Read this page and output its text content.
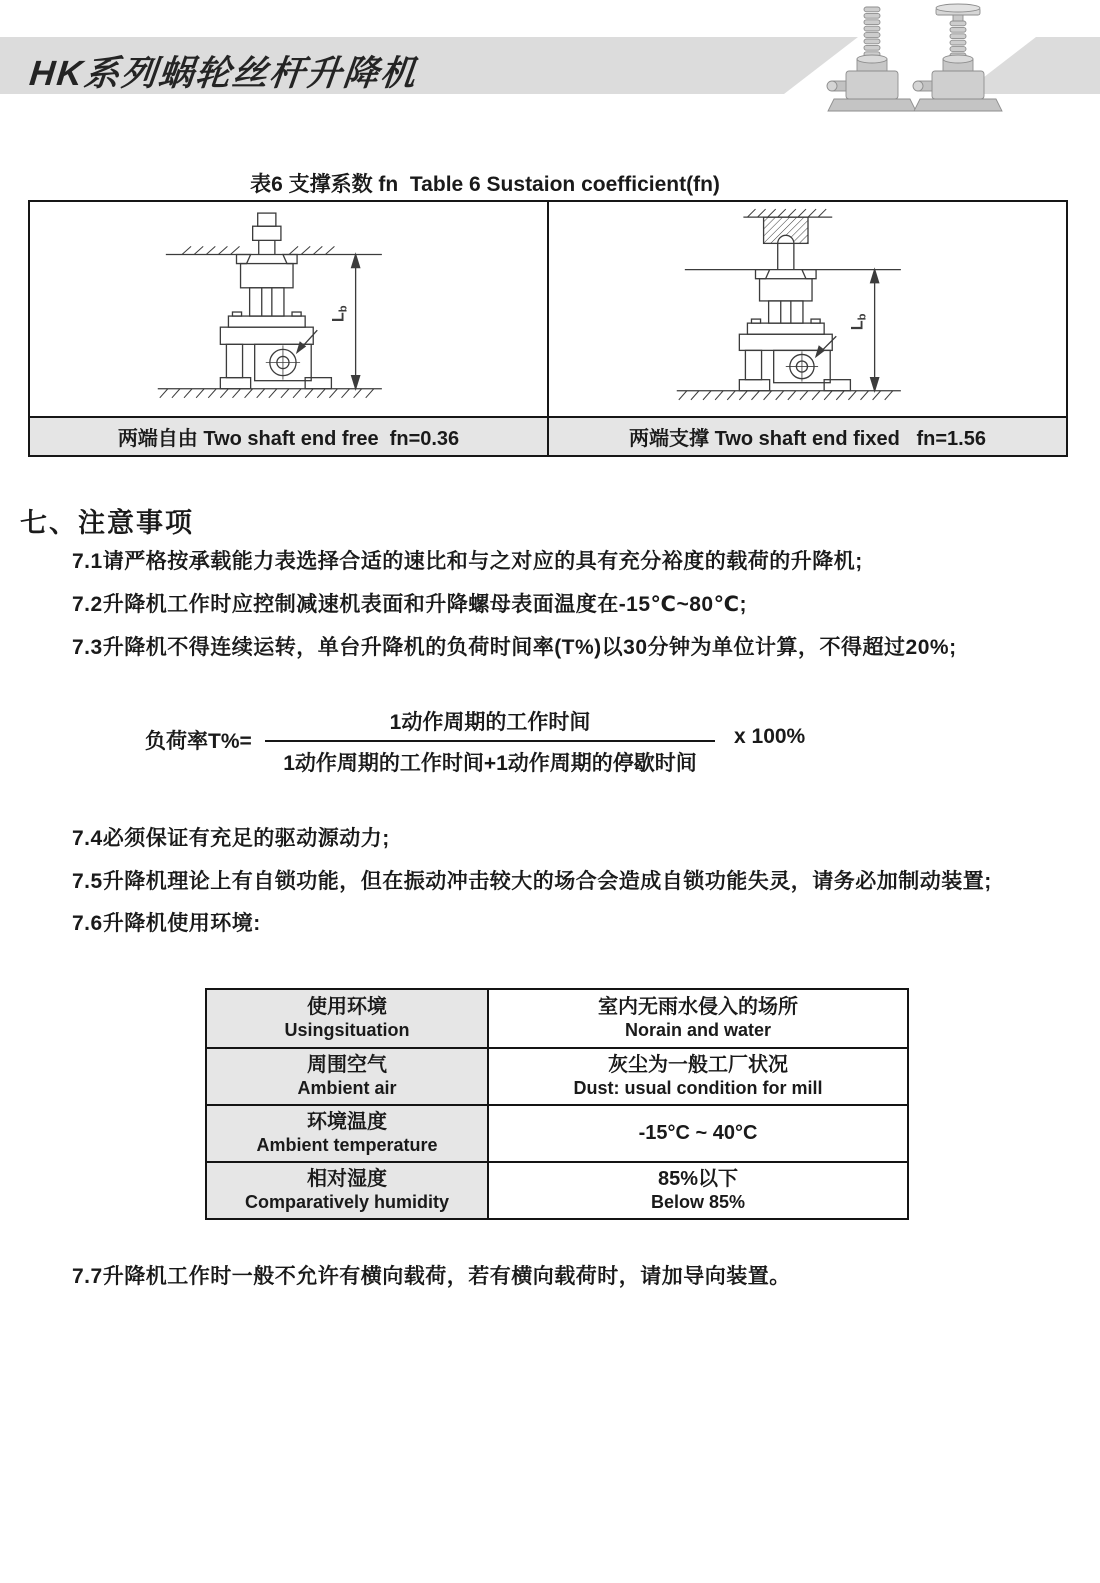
HK系列蜗轮丝杆升降机
表6 支撑系数 fn  Table 6 Sustaion coefficient(fn)
Lb
两端自由 Two shaft end free  fn=0.36
Lb
两端支撑 Two shaft end fixed   fn=1.56
七、注意事项
7.1请严格按承载能力表选择合适的速比和与之对应的具有充分裕度的载荷的升降机;
7.2升降机工作时应控制减速机表面和升降螺母表面温度在-15℃~80℃;
7.3升降机不得连续运转，单台升降机的负荷时间率(T%)以30分钟为单位计算，不得超过20%;
负荷率T%=
1动作周期的工作时间
1动作周期的工作时间+1动作周期的停歇时间
x 100%
7.4必须保证有充足的驱动源动力;
7.5升降机理论上有自锁功能，但在振动冲击较大的场合会造成自锁功能失灵，请务必加制动装置;
7.6升降机使用环境:
使用环境
Usingsituation
室内无雨水侵入的场所
Norain and water
周围空气
Ambient air
灰尘为一般工厂状况
Dust: usual condition for mill
环境温度
Ambient temperature
-15°C ~ 40°C
相对湿度
Comparatively humidity
85%以下
Below 85%
7.7升降机工作时一般不允许有横向载荷，若有横向载荷时，请加导向装置。
